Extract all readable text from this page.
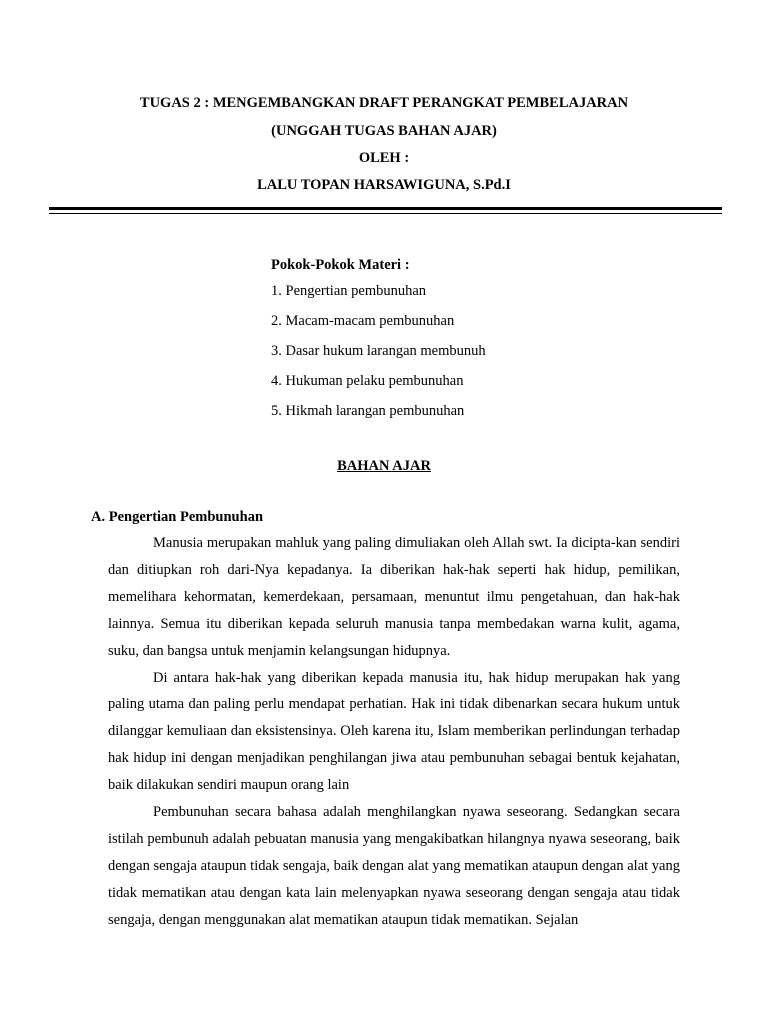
TUGAS 2 : MENGEMBANGKAN DRAFT PERANGKAT PEMBELAJARAN
(UNGGAH TUGAS BAHAN AJAR)
OLEH :
LALU TOPAN HARSAWIGUNA, S.Pd.I
Pokok-Pokok Materi :
1. Pengertian pembunuhan
2. Macam-macam pembunuhan
3. Dasar hukum larangan membunuh
4. Hukuman pelaku pembunuhan
5. Hikmah larangan pembunuhan
BAHAN AJAR
A. Pengertian Pembunuhan

Manusia merupakan mahluk yang paling dimuliakan oleh Allah swt. Ia dicipta-kan sendiri dan ditiupkan roh dari-Nya kepadanya. Ia diberikan hak-hak seperti hak hidup, pemilikan, memelihara kehormatan, kemerdekaan, persamaan, menuntut ilmu pengetahuan, dan hak-hak lainnya. Semua itu diberikan kepada seluruh manusia tanpa membedakan warna kulit, agama, suku, dan bangsa untuk menjamin kelangsungan hidupnya.

Di antara hak-hak yang diberikan kepada manusia itu, hak hidup merupakan hak yang paling utama dan paling perlu mendapat perhatian. Hak ini tidak dibenarkan secara hukum untuk dilanggar kemuliaan dan eksistensinya. Oleh karena itu, Islam memberikan perlindungan terhadap hak hidup ini dengan menjadikan penghilangan jiwa atau pembunuhan sebagai bentuk kejahatan, baik dilakukan sendiri maupun orang lain

Pembunuhan secara bahasa adalah menghilangkan nyawa seseorang. Sedangkan secara istilah pembunuh adalah pebuatan manusia yang mengakibatkan hilangnya nyawa seseorang, baik dengan sengaja ataupun tidak sengaja, baik dengan alat yang mematikan ataupun dengan alat yang tidak mematikan atau dengan kata lain melenyapkan nyawa seseorang dengan sengaja atau tidak sengaja, dengan menggunakan alat mematikan ataupun tidak mematikan. Sejalan
